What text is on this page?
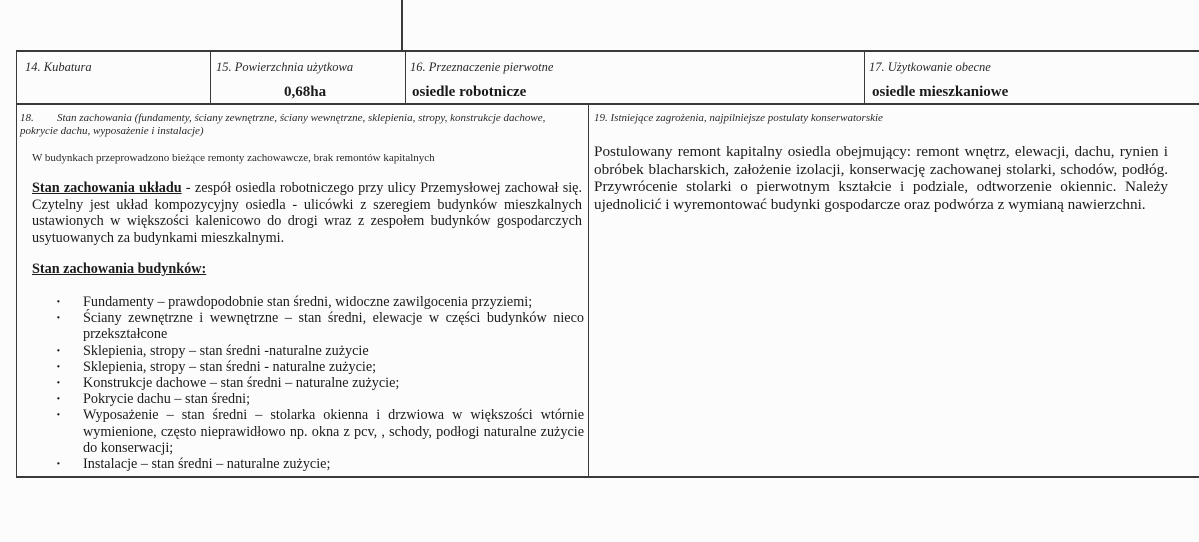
14. Kubatura	15. Powierzchnia użytkowa
0,68ha
16. Przeznaczenie pierwotne
osiedle robotnicze
17. Użytkowanie obecne
osiedle mieszkaniowe
18. Stan zachowania (fundamenty, ściany zewnętrzne, ściany wewnętrzne, sklepienia, stropy, konstrukcje dachowe,
pokrycie dachu, wyposażenie i instalacje)
W budynkach przeprowadzono bieżące remonty zachowawcze, brak remontów kapitalnych
Stan zachowania układu - zespół osiedla robotniczego przy ulicy Przemysłowej zachował się. Czytelny jest układ kompozycyjny osiedla - ulicówki z szeregiem budynków mieszkalnych ustawionych w większości kalenicowo do drogi wraz z zespołem budynków gospodarczych usytuowanych za budynkami mieszkalnymi.
Stan zachowania budynków:
· Fundamenty – prawdopodobnie stan średni, widoczne zawilgocenia przyziemi;
· Ściany zewnętrzne i wewnętrzne – stan średni, elewacje w części budynków nieco przekształcone
· Sklepienia, stropy – stan średni -naturalne zużycie
· Sklepienia, stropy – stan średni - naturalne zużycie;
· Konstrukcje dachowe – stan średni – naturalne zużycie;
· Pokrycie dachu – stan średni;
· Wyposażenie – stan średni – stolarka okienna i drzwiowa w większości wtórnie wymienione, często nieprawidłowo np. okna z pcv, , schody, podłogi naturalne zużycie do konserwacji;
· Instalacje – stan średni – naturalne zużycie;
19. Istniejące zagrożenia, najpilniejsze postulaty konserwatorskie
Postulowany remont kapitalny osiedla obejmujący: remont wnętrz, elewacji, dachu, rynien i obróbek blacharskich, założenie izolacji, konserwację zachowanej stolarki, schodów, podłóg. Przywrócenie stolarki o pierwotnym kształcie i podziale, odtworzenie okiennic. Należy ujednolicić i wyremontować budynki gospodarcze oraz podwórza z wymianą nawierzchni.
